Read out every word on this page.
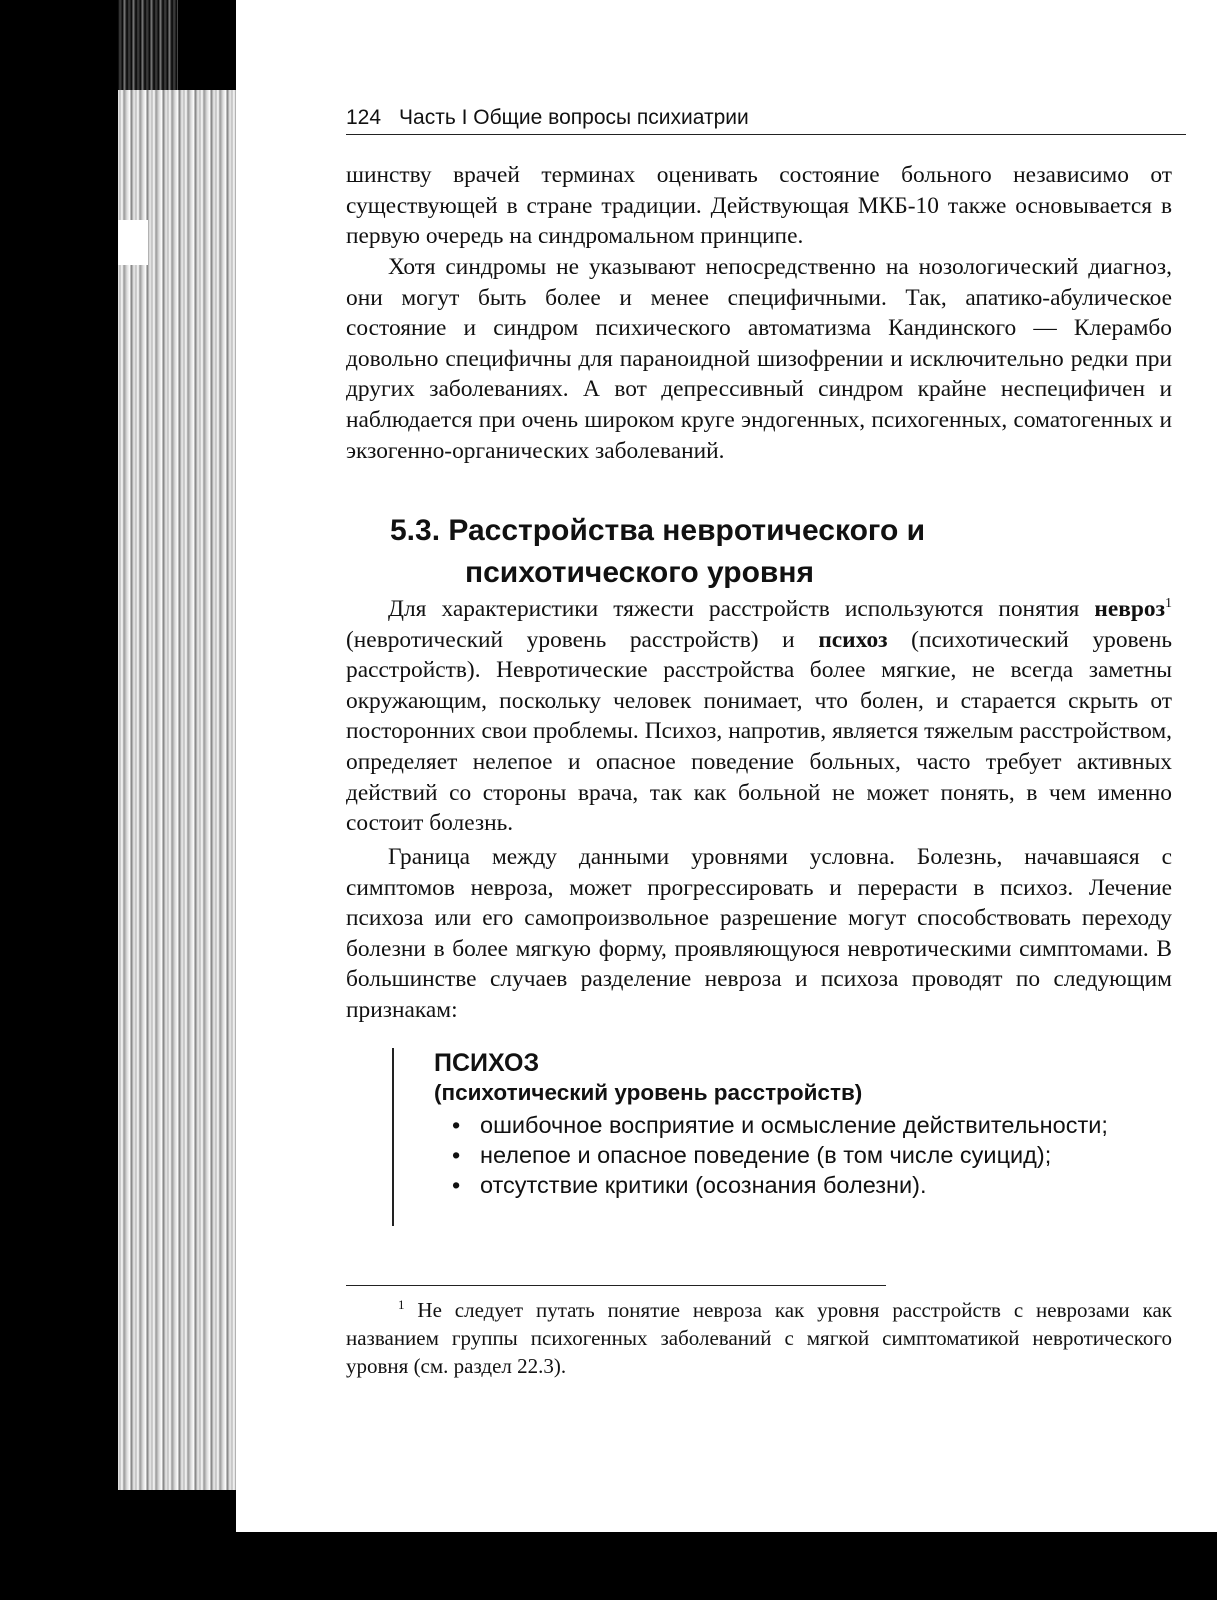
124 Часть I Общие вопросы психиатрии

шинству врачей терминах оценивать состояние больного независимо от существующей в стране традиции. Действующая МКБ-10 также основывается в первую очередь на синдромальном принципе.

Хотя синдромы не указывают непосредственно на нозологический диагноз, они могут быть более и менее специфичными. Так, апатико-абулическое состояние и синдром психического автоматизма Кандинского — Клерамбо довольно специфичны для параноидной шизофрении и исключительно редки при других заболеваниях. А вот депрессивный синдром крайне неспецифичен и наблюдается при очень широком круге эндогенных, психогенных, соматогенных и экзогенно-органических заболеваний.

5.3. Расстройства невротического и
психотического уровня

Для характеристики тяжести расстройств используются понятия невроз$^1$ (невротический уровень расстройств) и психоз (психотический уровень расстройств). Невротические расстройства более мягкие, не всегда заметны окружающим, поскольку человек понимает, что болен, и старается скрыть от посторонних свои проблемы. Психоз, напротив, является тяжелым расстройством, определяет нелепое и опасное поведение больных, часто требует активных действий со стороны врача, так как больной не может понять, в чем именно состоит болезнь.

Граница между данными уровнями условна. Болезнь, начавшаяся с симптомов невроза, может прогрессировать и перерасти в психоз. Лечение психоза или его самопроизвольное разрешение могут способствовать переходу болезни в более мягкую форму, проявляющуюся невротическими симптомами. В большинстве случаев разделение невроза и психоза проводят по следующим признакам:

ПСИХОЗ
(психотический уровень расстройств)
• ошибочное восприятие и осмысление действительности;
• нелепое и опасное поведение (в том числе суицид);
• отсутствие критики (осознания болезни).
$^1$ Не следует путать понятие невроза как уровня расстройств с неврозами как названием группы психогенных заболеваний с мягкой симптоматикой невротического уровня (см. раздел 22.3).
